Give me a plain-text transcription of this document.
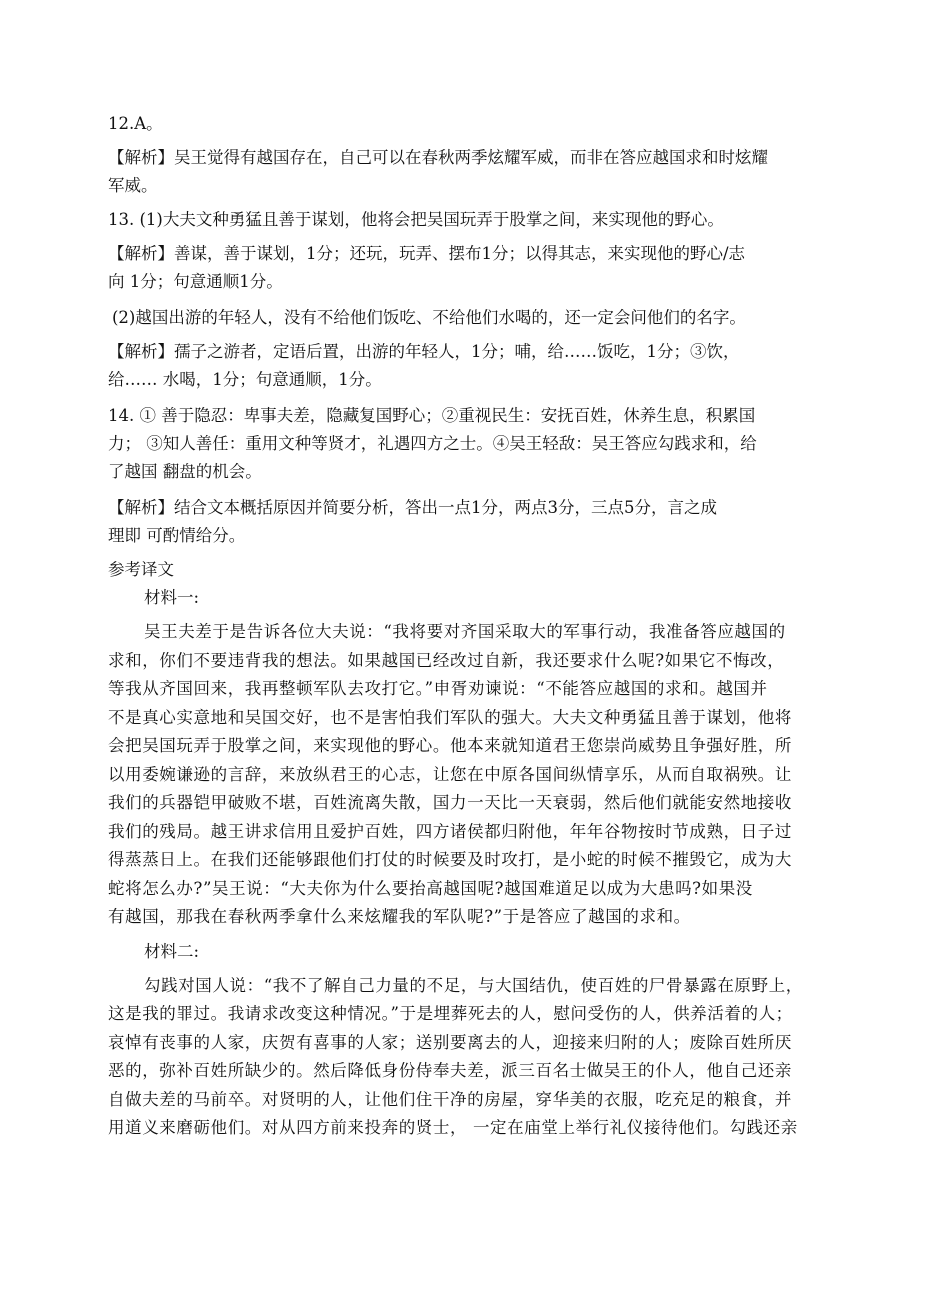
12.A。
【解析】吴王觉得有越国存在，自己可以在春秋两季炫耀军威，而非在答应越国求和时炫耀
军威。
13. (1)大夫文种勇猛且善于谋划，他将会把吴国玩弄于股掌之间，来实现他的野心。
【解析】善谋，善于谋划，1分；还玩，玩弄、摆布1分；以得其志，来实现他的野心/志
向 1分；句意通顺1分。
(2)越国出游的年轻人，没有不给他们饭吃、不给他们水喝的，还一定会问他们的名字。
【解析】孺子之游者，定语后置，出游的年轻人，1分；哺，给……饭吃，1分；③饮，
给…… 水喝，1分；句意通顺，1分。
14. ① 善于隐忍：卑事夫差，隐藏复国野心；②重视民生：安抚百姓，休养生息，积累国
力； ③知人善任：重用文种等贤才，礼遇四方之士。④吴王轻敌：吴王答应勾践求和，给
了越国 翻盘的机会。
【解析】结合文本概括原因并简要分析，答出一点1分，两点3分，三点5分，言之成
理即 可酌情给分。
参考译文
材料一:
吴王夫差于是告诉各位大夫说：“我将要对齐国采取大的军事行动，我准备答应越国的
求和，你们不要违背我的想法。如果越国已经改过自新，我还要求什么呢?如果它不悔改，
等我从齐国回来，我再整顿军队去攻打它。”申胥劝谏说：“不能答应越国的求和。越国并
不是真心实意地和吴国交好，也不是害怕我们军队的强大。大夫文种勇猛且善于谋划，他将
会把吴国玩弄于股掌之间，来实现他的野心。他本来就知道君王您崇尚威势且争强好胜，所
以用委婉谦逊的言辞，来放纵君王的心志，让您在中原各国间纵情享乐，从而自取祸殃。让
我们的兵器铠甲破败不堪，百姓流离失散，国力一天比一天衰弱，然后他们就能安然地接收
我们的残局。越王讲求信用且爱护百姓，四方诸侯都归附他，年年谷物按时节成熟，日子过
得蒸蒸日上。在我们还能够跟他们打仗的时候要及时攻打，是小蛇的时候不摧毁它，成为大
蛇将怎么办?”吴王说：“大夫你为什么要抬高越国呢?越国难道足以成为大患吗?如果没
有越国，那我在春秋两季拿什么来炫耀我的军队呢?”于是答应了越国的求和。
材料二:
勾践对国人说：“我不了解自己力量的不足，与大国结仇，使百姓的尸骨暴露在原野上，
这是我的罪过。我请求改变这种情况。”于是埋葬死去的人，慰问受伤的人，供养活着的人；
哀悼有丧事的人家，庆贺有喜事的人家；送别要离去的人，迎接来归附的人；废除百姓所厌
恶的，弥补百姓所缺少的。然后降低身份侍奉夫差，派三百名士做吴王的仆人，他自己还亲
自做夫差的马前卒。对贤明的人，让他们住干净的房屋，穿华美的衣服，吃充足的粮食，并
用道义来磨砺他们。对从四方前来投奔的贤士， 一定在庙堂上举行礼仪接待他们。勾践还亲
